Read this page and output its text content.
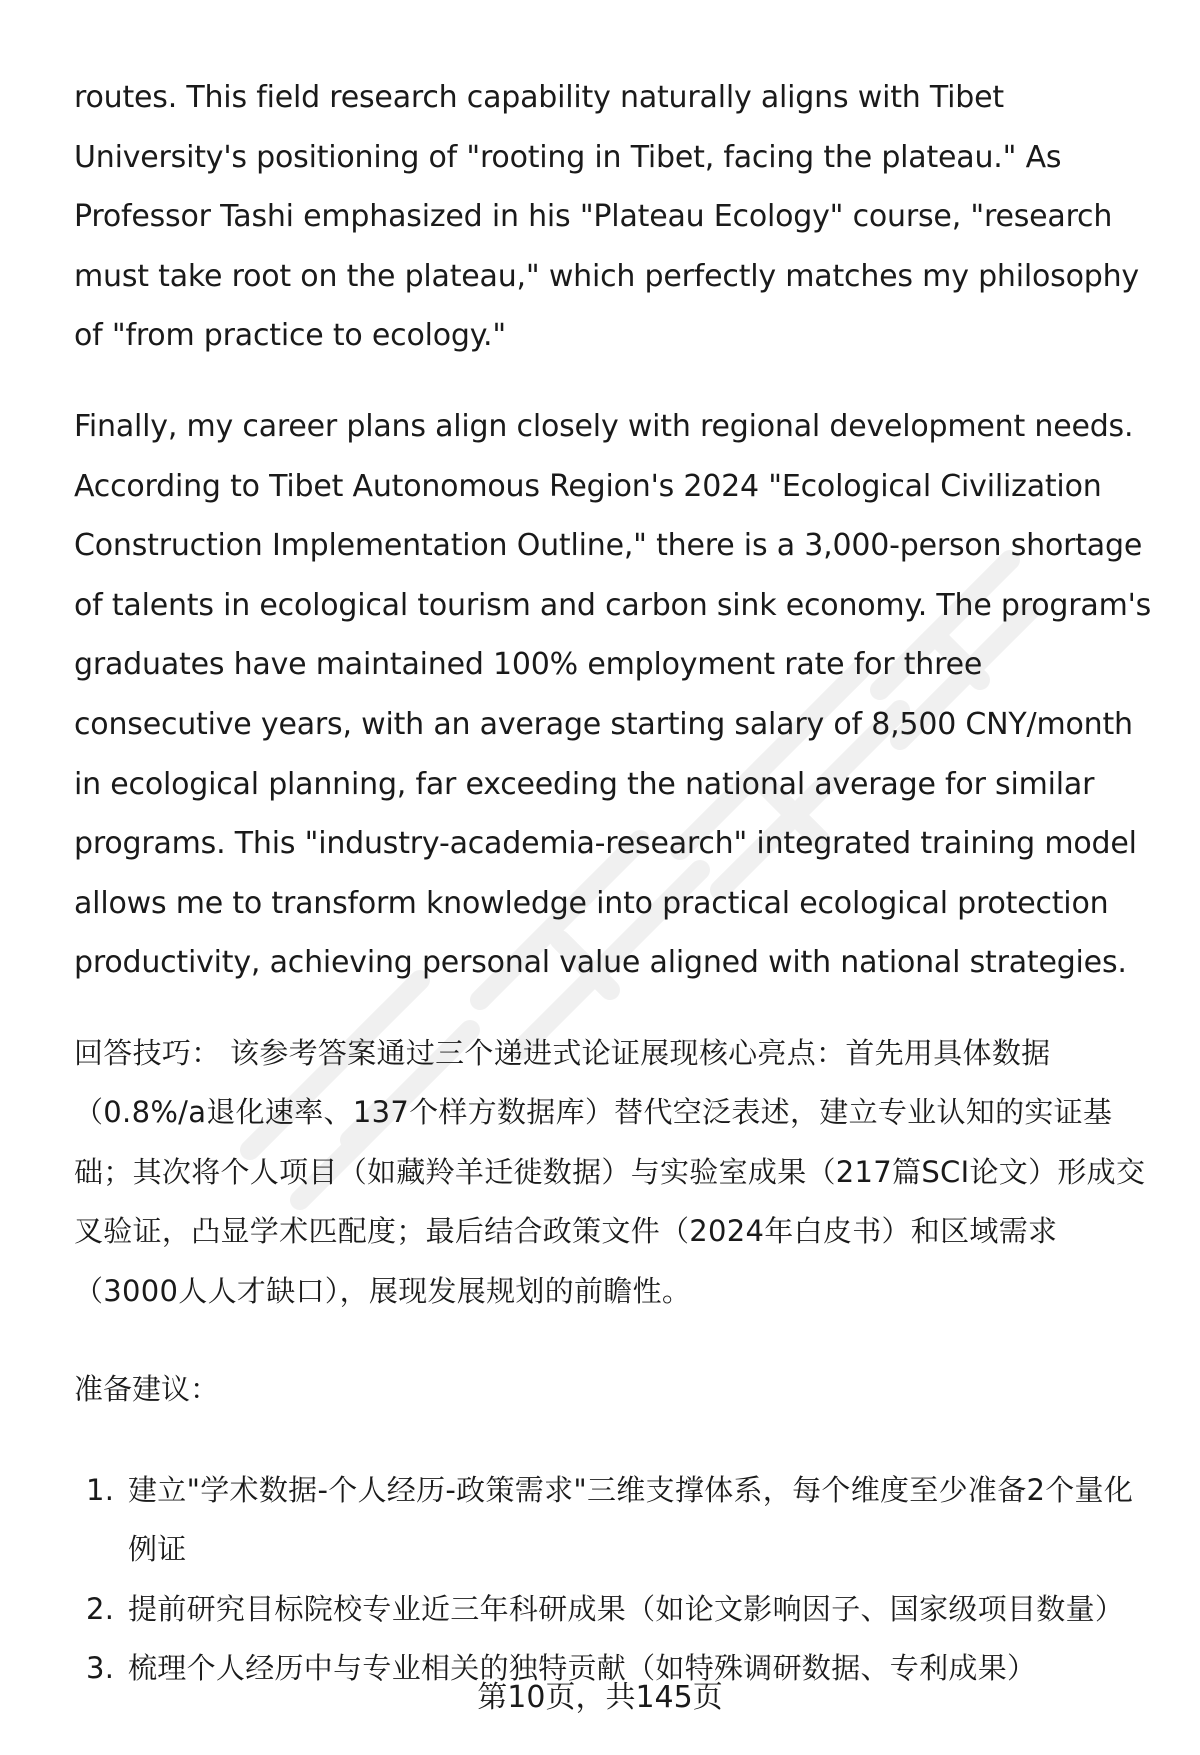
routes. This field research capability naturally aligns with Tibet University's positioning of "rooting in Tibet, facing the plateau." As Professor Tashi emphasized in his "Plateau Ecology" course, "research must take root on the plateau," which perfectly matches my philosophy of "from practice to ecology."

Finally, my career plans align closely with regional development needs. According to Tibet Autonomous Region's 2024 "Ecological Civilization Construction Implementation Outline," there is a 3,000-person shortage of talents in ecological tourism and carbon sink economy. The program's graduates have maintained 100% employment rate for three consecutive years, with an average starting salary of 8,500 CNY/month in ecological planning, far exceeding the national average for similar programs. This "industry-academia-research" integrated training model allows me to transform knowledge into practical ecological protection productivity, achieving personal value aligned with national strategies.

回答技巧： 该参考答案通过三个递进式论证展现核心亮点：首先用具体数据（0.8%/a退化速率、137个样方数据库）替代空泛表述，建立专业认知的实证基础；其次将个人项目（如藏羚羊迁徙数据）与实验室成果（217篇SCI论文）形成交叉验证，凸显学术匹配度；最后结合政策文件（2024年白皮书）和区域需求（3000人人才缺口），展现发展规划的前瞻性。

准备建议：

1. 建立"学术数据-个人经历-政策需求"三维支撑体系，每个维度至少准备2个量化例证
2. 提前研究目标院校专业近三年科研成果（如论文影响因子、国家级项目数量）
3. 梳理个人经历中与专业相关的独特贡献（如特殊调研数据、专利成果）
第10页，共145页
